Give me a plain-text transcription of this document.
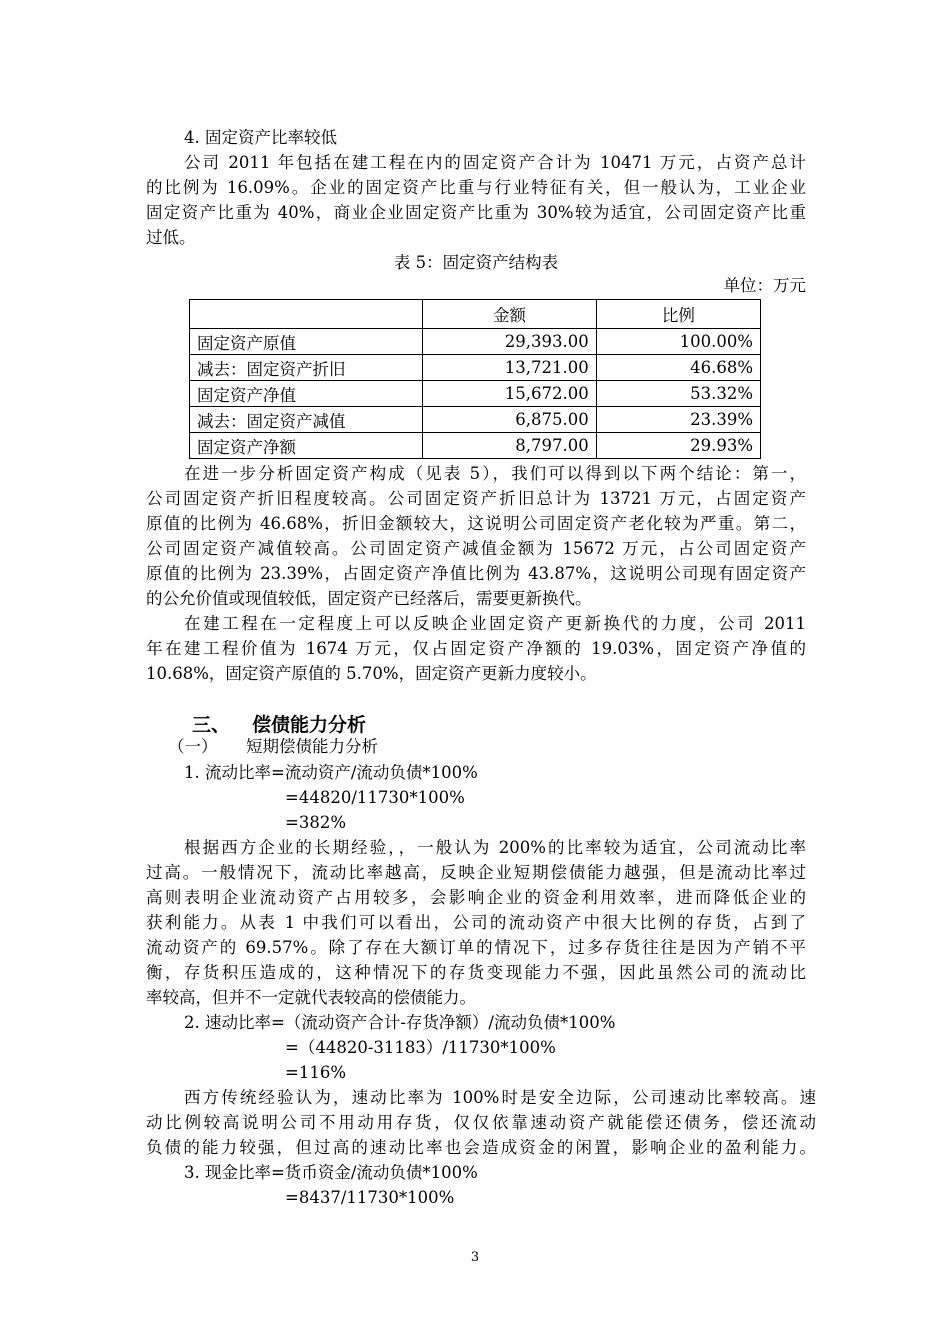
4. 固定资产比率较低
公司 2011 年包括在建工程在内的固定资产合计为 10471 万元，占资产总计
的比例为 16.09%。企业的固定资产比重与行业特征有关，但一般认为，工业企业
固定资产比重为 40%，商业企业固定资产比重为 30%较为适宜，公司固定资产比重
过低。
表 5：固定资产结构表
单位：万元
	金额	比例
固定资产原值	29,393.00	100.00%
减去：固定资产折旧	13,721.00	46.68%
固定资产净值	15,672.00	53.32%
减去：固定资产减值	6,875.00	23.39%
固定资产净额	8,797.00	29.93%
在进一步分析固定资产构成（见表 5），我们可以得到以下两个结论：第一，
公司固定资产折旧程度较高。公司固定资产折旧总计为 13721 万元，占固定资产
原值的比例为 46.68%，折旧金额较大，这说明公司固定资产老化较为严重。第二，
公司固定资产减值较高。公司固定资产减值金额为 15672 万元，占公司固定资产
原值的比例为 23.39%，占固定资产净值比例为 43.87%，这说明公司现有固定资产
的公允价值或现值较低，固定资产已经落后，需要更新换代。
在建工程在一定程度上可以反映企业固定资产更新换代的力度，公司 2011
年在建工程价值为 1674 万元，仅占固定资产净额的 19.03%，固定资产净值的
10.68%，固定资产原值的 5.70%，固定资产更新力度较小。
三、 偿债能力分析
（一） 短期偿债能力分析
1. 流动比率=流动资产/流动负债*100%
=44820/11730*100%
=382%
根据西方企业的长期经验，，一般认为 200%的比率较为适宜，公司流动比率
过高。一般情况下，流动比率越高，反映企业短期偿债能力越强，但是流动比率过
高则表明企业流动资产占用较多，会影响企业的资金利用效率，进而降低企业的
获利能力。从表 1 中我们可以看出，公司的流动资产中很大比例的存货，占到了
流动资产的 69.57%。除了存在大额订单的情况下，过多存货往往是因为产销不平
衡，存货积压造成的，这种情况下的存货变现能力不强，因此虽然公司的流动比
率较高，但并不一定就代表较高的偿债能力。
2. 速动比率=（流动资产合计-存货净额）/流动负债*100%
=（44820-31183）/11730*100%
=116%
西方传统经验认为，速动比率为 100%时是安全边际，公司速动比率较高。速
动比例较高说明公司不用动用存货，仅仅依靠速动资产就能偿还债务，偿还流动
负债的能力较强，但过高的速动比率也会造成资金的闲置，影响企业的盈利能力。
3. 现金比率=货币资金/流动负债*100%
=8437/11730*100%
3
